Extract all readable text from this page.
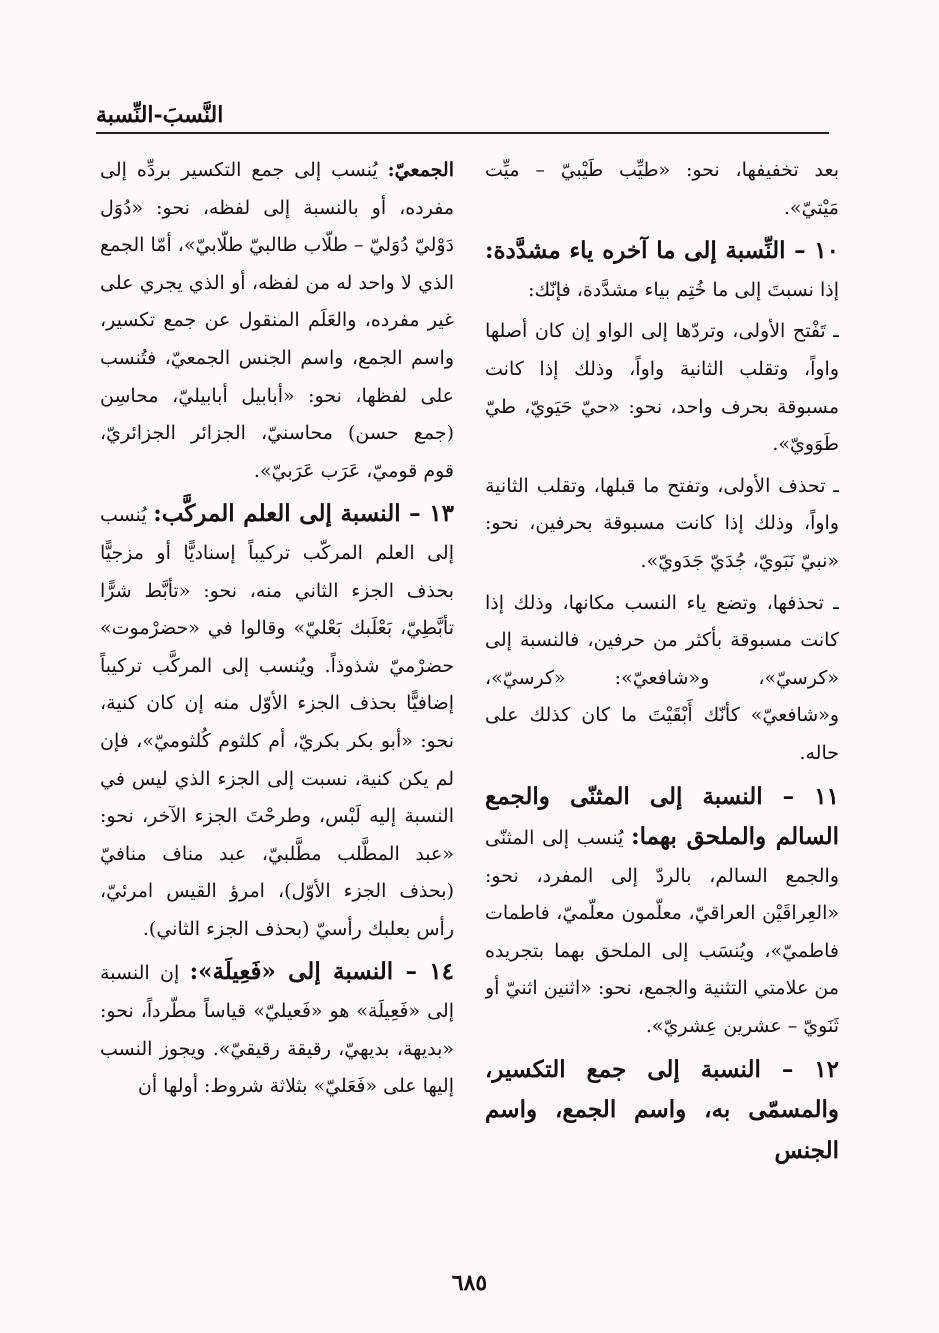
النَّسبَ-النِّسبة

بعد تخفيفها، نحو: «طيِّب طَيْبيّ – ميِّت مَيْتيّ».

١٠ – النِّسبة إلى ما آخره ياء مشدَّدة: إذا نسبتَ إلى ما خُتِم بياء مشدَّدة، فإنّك:

ـ تَفْتح الأولى، وتردّها إلى الواو إن كان أصلها واواً، وتقلب الثانية واواً، وذلك إذا كانت مسبوقة بحرف واحد، نحو: «حيّ حَيَويّ، طيّ طَوَويّ».

ـ تحذف الأولى، وتفتح ما قبلها، وتقلب الثانية واواً، وذلك إذا كانت مسبوقة بحرفين، نحو: «نبيّ نَبَويّ، جُدَيّ جَدَويّ».

ـ تحذفها، وتضع ياء النسب مكانها، وذلك إذا كانت مسبوقة بأكثر من حرفين، فالنسبة إلى «كرسيّ»، و«شافعيّ»: «كرسيّ»، و«شافعيّ» كأنّك أَبْقَيْتَ ما كان كذلك على حاله.

١١ – النسبة إلى المثنّى والجمع السالم والملحق بهما: يُنسب إلى المثنّى والجمع السالم، بالردّ إلى المفرد، نحو: «العِراقَيْن العراقيّ، معلّمون معلّميّ، فاطمات فاطميّ»، ويُنسَب إلى الملحق بهما بتجريده من علامتي التثنية والجمع، نحو: «اثنين اثنيّ أو ثَنَويّ – عشرين عِشريّ».

١٢ – النسبة إلى جمع التكسير، والمسمّى به، واسم الجمع، واسم الجنس

الجمعيّ: يُنسب إلى جمع التكسير بردِّه إلى مفرده، أو بالنسبة إلى لفظه، نحو: «دُوَل دَوْليّ دُوَليّ – طلّاب طالبيّ طلّابيّ»، أمّا الجمع الذي لا واحد له من لفظه، أو الذي يجري على غير مفرده، والعَلَم المنقول عن جمع تكسير، واسم الجمع، واسم الجنس الجمعيّ، فتُنسب على لفظها، نحو: «أبابيل أبابيليّ، محاسِن (جمع حسن) محاسنيّ، الجزائر الجزائريّ، قوم قوميّ، عَرَب عَرَبيّ».

١٣ – النسبة إلى العلم المركَّب: يُنسب إلى العلم المركّب تركيباً إسناديًّا أو مزجيًّا بحذف الجزء الثاني منه، نحو: «تأبَّط شرًّا تأبَّطِيّ، بَعْلَبك بَعْليّ» وقالوا في «حضرْموت» حضرْميّ شذوذاً. ويُنسب إلى المركَّب تركيباً إضافيًّا بحذف الجزء الأوّل منه إن كان كنية، نحو: «أبو بكر بكريّ، أم كلثوم كُلثوميّ»، فإن لم يكن كنية، نسبت إلى الجزء الذي ليس في النسبة إليه لَبْس، وطرحْتَ الجزء الآخر، نحو: «عبد المطَّلب مطَّلبيّ، عبد مناف منافيّ (بحذف الجزء الأوّل)، امرؤ القيس امرئيّ، رأس بعلبك رأسيّ (بحذف الجزء الثاني).

١٤ – النسبة إلى «فَعِيلَة»: إن النسبة إلى «فَعِيلَة» هو «فَعيليّ» قياساً مطّرداً، نحو: «بديهة، بديهيّ، رقيقة رقيقيّ». ويجوز النسب إليها على «فَعَليّ» بثلاثة شروط: أولها أن

٦٨٥
